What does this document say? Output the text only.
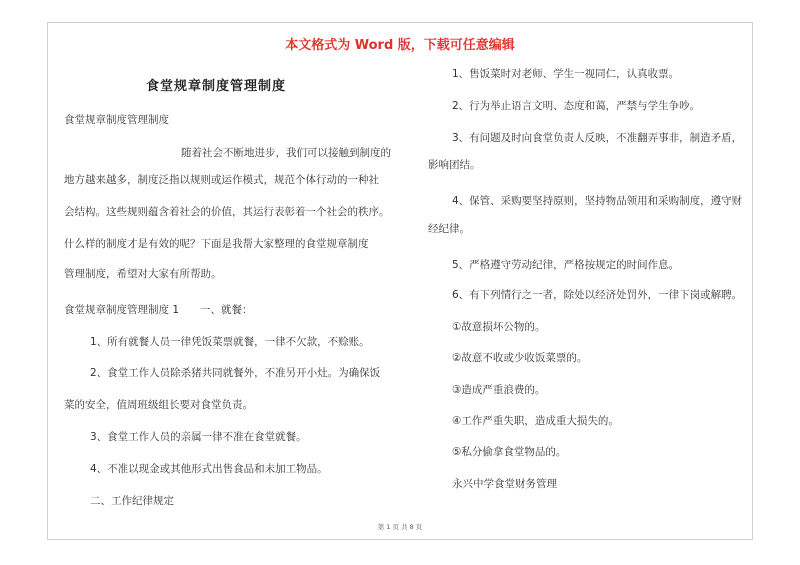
本文格式为 Word 版，下载可任意编辑
食堂规章制度管理制度
食堂规章制度管理制度
随着社会不断地进步，我们可以接触到制度的
地方越来越多，制度泛指以规则或运作模式，规范个体行动的一种社
会结构。这些规则蕴含着社会的价值，其运行表彰着一个社会的秩序。
什么样的制度才是有效的呢？下面是我帮大家整理的食堂规章制度
管理制度，希望对大家有所帮助。
食堂规章制度管理制度 1　　一、就餐：
1、所有就餐人员一律凭饭菜票就餐，一律不欠款，不赊账。
2、食堂工作人员除杀猪共同就餐外，不准另开小灶。为确保饭
菜的安全，值周班级组长要对食堂负责。
3、食堂工作人员的亲属一律不准在食堂就餐。
4、不准以现金或其他形式出售食品和未加工物品。
二、工作纪律规定
1、售饭菜时对老师、学生一视同仁，认真收票。
2、行为举止语言文明、态度和蔼，严禁与学生争吵。
3、有问题及时向食堂负责人反映，不准翻弄事非，制造矛盾，
影响团结。
4、保管、采购要坚持原则，坚持物品领用和采购制度，遵守财
经纪律。
5、严格遵守劳动纪律，严格按规定的时间作息。
6、有下列情行之一者，除处以经济处罚外，一律下岗或解聘。
①故意损坏公物的。
②故意不收或少收饭菜票的。
③造成严重浪费的。
④工作严重失职，造成重大损失的。
⑤私分偷拿食堂物品的。
永兴中学食堂财务管理
第 1 页 共 8 页
